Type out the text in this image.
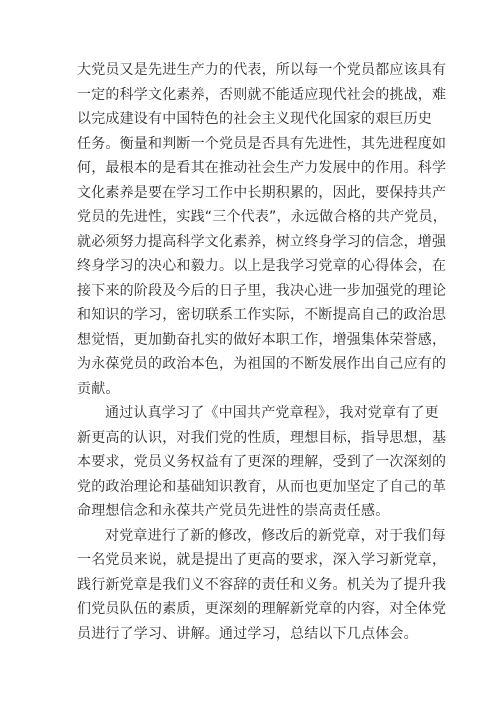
大党员又是先进生产力的代表，所以每一个党员都应该具有
一定的科学文化素养，否则就不能适应现代社会的挑战，难
以完成建设有中国特色的社会主义现代化国家的艰巨历史
任务。衡量和判断一个党员是否具有先进性，其先进程度如
何，最根本的是看其在推动社会生产力发展中的作用。科学
文化素养是要在学习工作中长期积累的，因此，要保持共产
党员的先进性，实践“三个代表”，永远做合格的共产党员，
就必须努力提高科学文化素养，树立终身学习的信念，增强
终身学习的决心和毅力。以上是我学习党章的心得体会，在
接下来的阶段及今后的日子里，我决心进一步加强党的理论
和知识的学习，密切联系工作实际，不断提高自己的政治思
想觉悟，更加勤奋扎实的做好本职工作，增强集体荣誉感，
为永葆党员的政治本色，为祖国的不断发展作出自己应有的
贡献。
通过认真学习了《中国共产党章程》，我对党章有了更
新更高的认识，对我们党的性质，理想目标，指导思想，基
本要求，党员义务权益有了更深的理解，受到了一次深刻的
党的政治理论和基础知识教育，从而也更加坚定了自己的革
命理想信念和永葆共产党员先进性的崇高责任感。
对党章进行了新的修改，修改后的新党章，对于我们每
一名党员来说，就是提出了更高的要求，深入学习新党章，
践行新党章是我们义不容辞的责任和义务。机关为了提升我
们党员队伍的素质，更深刻的理解新党章的内容，对全体党
员进行了学习、讲解。通过学习，总结以下几点体会。
